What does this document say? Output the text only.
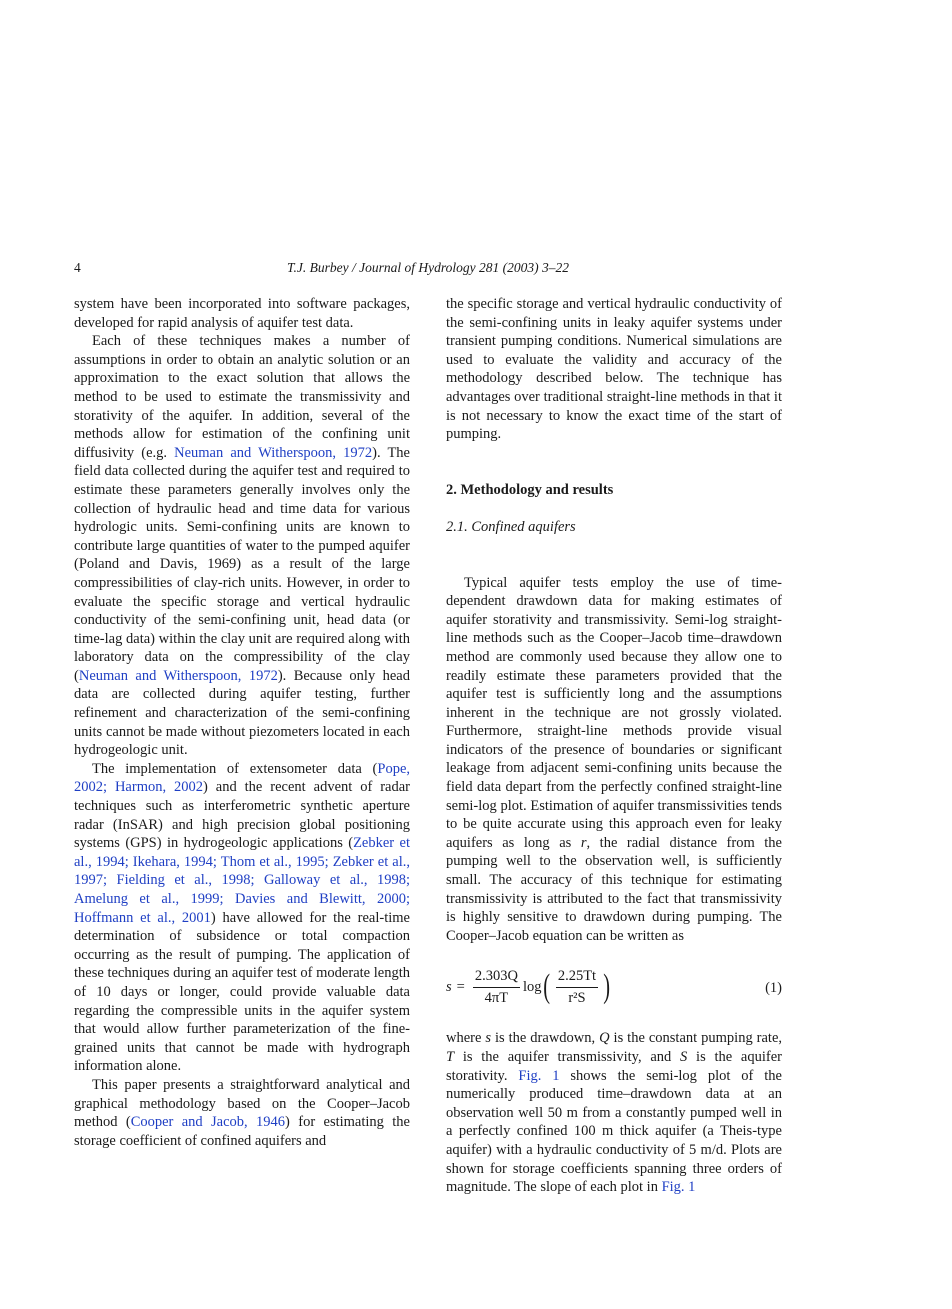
4	T.J. Burbey / Journal of Hydrology 281 (2003) 3–22

system have been incorporated into software packages, developed for rapid analysis of aquifer test data.

Each of these techniques makes a number of assumptions in order to obtain an analytic solution or an approximation to the exact solution that allows the method to be used to estimate the transmissivity and storativity of the aquifer. In addition, several of the methods allow for estimation of the confining unit diffusivity (e.g. Neuman and Witherspoon, 1972). The field data collected during the aquifer test and required to estimate these parameters generally involves only the collection of hydraulic head and time data for various hydrologic units. Semi-confining units are known to contribute large quantities of water to the pumped aquifer (Poland and Davis, 1969) as a result of the large compressibilities of clay-rich units. However, in order to evaluate the specific storage and vertical hydraulic conductivity of the semi-confining unit, head data (or time-lag data) within the clay unit are required along with laboratory data on the compressibility of the clay (Neuman and Witherspoon, 1972). Because only head data are collected during aquifer testing, further refinement and characterization of the semi-confining units cannot be made without piezometers located in each hydrogeologic unit.

The implementation of extensometer data (Pope, 2002; Harmon, 2002) and the recent advent of radar techniques such as interferometric synthetic aperture radar (InSAR) and high precision global positioning systems (GPS) in hydrogeologic applications (Zebker et al., 1994; Ikehara, 1994; Thom et al., 1995; Zebker et al., 1997; Fielding et al., 1998; Galloway et al., 1998; Amelung et al., 1999; Davies and Blewitt, 2000; Hoffmann et al., 2001) have allowed for the real-time determination of subsidence or total compaction occurring as the result of pumping. The application of these techniques during an aquifer test of moderate length of 10 days or longer, could provide valuable data regarding the compressible units in the aquifer system that would allow further parameterization of the fine-grained units that cannot be made with hydrograph information alone.

This paper presents a straightforward analytical and graphical methodology based on the Cooper–Jacob method (Cooper and Jacob, 1946) for estimating the storage coefficient of confined aquifers and

the specific storage and vertical hydraulic conductivity of the semi-confining units in leaky aquifer systems under transient pumping conditions. Numerical simulations are used to evaluate the validity and accuracy of the methodology described below. The technique has advantages over traditional straight-line methods in that it is not necessary to know the exact time of the start of pumping.

2. Methodology and results

2.1. Confined aquifers

Typical aquifer tests employ the use of time-dependent drawdown data for making estimates of aquifer storativity and transmissivity. Semi-log straight-line methods such as the Cooper–Jacob time–drawdown method are commonly used because they allow one to readily estimate these parameters provided that the aquifer test is sufficiently long and the assumptions inherent in the technique are not grossly violated. Furthermore, straight-line methods provide visual indicators of the presence of boundaries or significant leakage from adjacent semi-confining units because the field data depart from the perfectly confined straight-line semi-log plot. Estimation of aquifer transmissivities tends to be quite accurate using this approach even for leaky aquifers as long as r, the radial distance from the pumping well to the observation well, is sufficiently small. The accuracy of this technique for estimating transmissivity is attributed to the fact that transmissivity is highly sensitive to drawdown during pumping. The Cooper–Jacob equation can be written as

$s = \frac{2.303Q}{4\pi T}$ log ( $\frac{2.25Tt}{\text{r²S}}$ )	(1)

where s is the drawdown, Q is the constant pumping rate, T is the aquifer transmissivity, and S is the aquifer storativity. Fig. 1 shows the semi-log plot of the numerically produced time–drawdown data at an observation well 50 m from a constantly pumped well in a perfectly confined 100 m thick aquifer (a Theis-type aquifer) with a hydraulic conductivity of 5 m/d. Plots are shown for storage coefficients spanning three orders of magnitude. The slope of each plot in Fig. 1
